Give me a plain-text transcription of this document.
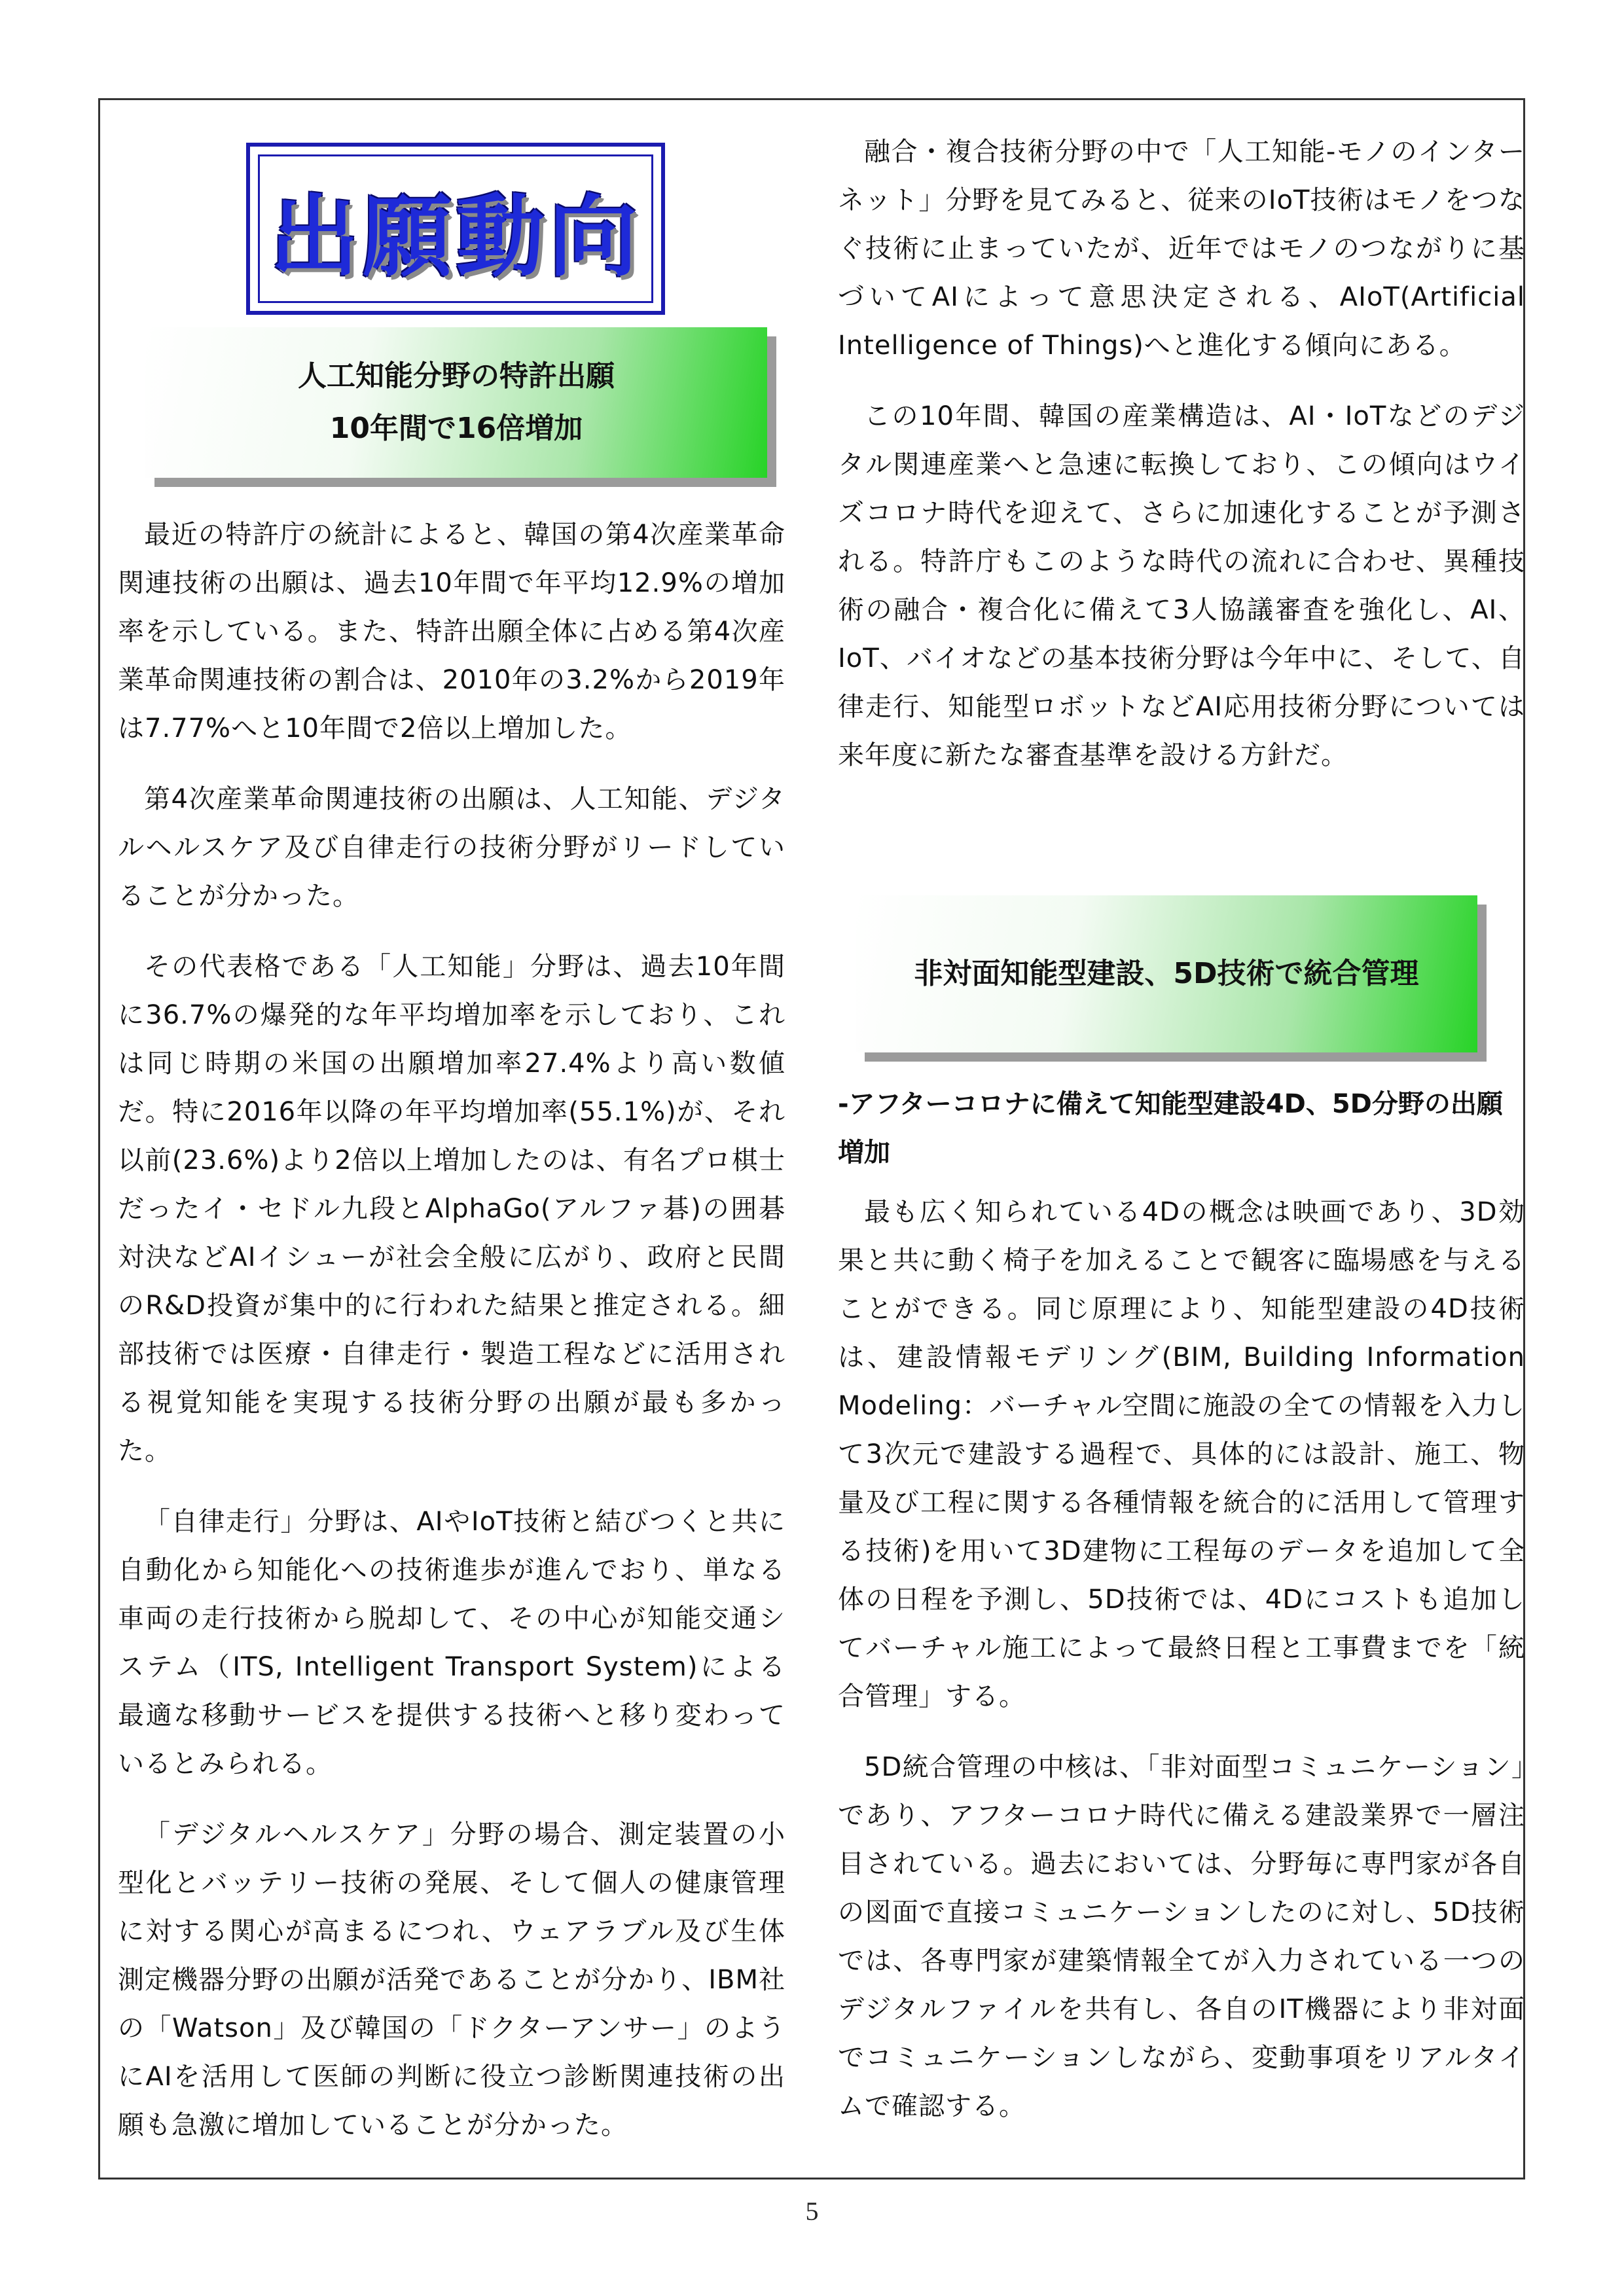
出願動向
人工知能分野の特許出願
10年間で16倍増加

最近の特許庁の統計によると、韓国の第4次産業革命関連技術の出願は、過去10年間で年平均12.9%の増加率を示している。また、特許出願全体に占める第4次産業革命関連技術の割合は、2010年の3.2%から2019年は7.77%へと10年間で2倍以上増加した。

第4次産業革命関連技術の出願は、人工知能、デジタルヘルスケア及び自律走行の技術分野がリードしていることが分かった。

その代表格である「人工知能」分野は、過去10年間に36.7%の爆発的な年平均増加率を示しており、これは同じ時期の米国の出願増加率27.4%より高い数値だ。特に2016年以降の年平均増加率(55.1%)が、それ以前(23.6%)より2倍以上増加したのは、有名プロ棋士だったイ・セドル九段とAlphaGo(アルファ碁)の囲碁対決などAIイシューが社会全般に広がり、政府と民間のR&D投資が集中的に行われた結果と推定される。細部技術では医療・自律走行・製造工程などに活用される視覚知能を実現する技術分野の出願が最も多かった。

「自律走行」分野は、AIやIoT技術と結びつくと共に自動化から知能化への技術進歩が進んでおり、単なる車両の走行技術から脱却して、その中心が知能交通システム（ITS, Intelligent Transport System)による最適な移動サービスを提供する技術へと移り変わっているとみられる。

「デジタルヘルスケア」分野の場合、測定装置の小型化とバッテリー技術の発展、そして個人の健康管理に対する関心が高まるにつれ、ウェアラブル及び生体測定機器分野の出願が活発であることが分かり、IBM社の「Watson」及び韓国の「ドクターアンサー」のようにAIを活用して医師の判断に役立つ診断関連技術の出願も急激に増加していることが分かった。

融合・複合技術分野の中で「人工知能-モノのインターネット」分野を見てみると、従来のIoT技術はモノをつなぐ技術に止まっていたが、近年ではモノのつながりに基づいてAIによって意思決定される、AIoT(Artificial Intelligence of Things)へと進化する傾向にある。

この10年間、韓国の産業構造は、AI・IoTなどのデジタル関連産業へと急速に転換しており、この傾向はウイズコロナ時代を迎えて、さらに加速化することが予測される。特許庁もこのような時代の流れに合わせ、異種技術の融合・複合化に備えて3人協議審査を強化し、AI、IoT、バイオなどの基本技術分野は今年中に、そして、自律走行、知能型ロボットなどAI応用技術分野については来年度に新たな審査基準を設ける方針だ。

非対面知能型建設、5D技術で統合管理

-アフターコロナに備えて知能型建設4D、5D分野の出願増加

最も広く知られている4Dの概念は映画であり、3D効果と共に動く椅子を加えることで観客に臨場感を与えることができる。同じ原理により、知能型建設の4D技術は、建設情報モデリング(BIM, Building Information Modeling：バーチャル空間に施設の全ての情報を入力して3次元で建設する過程で、具体的には設計、施工、物量及び工程に関する各種情報を統合的に活用して管理する技術)を用いて3D建物に工程毎のデータを追加して全体の日程を予測し、5D技術では、4Dにコストも追加してバーチャル施工によって最終日程と工事費までを「統合管理」する。

5D統合管理の中核は、「非対面型コミュニケーション」であり、アフターコロナ時代に備える建設業界で一層注目されている。過去においては、分野毎に専門家が各自の図面で直接コミュニケーションしたのに対し、5D技術では、各専門家が建築情報全てが入力されている一つのデジタルファイルを共有し、各自のIT機器により非対面でコミュニケーションしながら、変動事項をリアルタイムで確認する。

5
